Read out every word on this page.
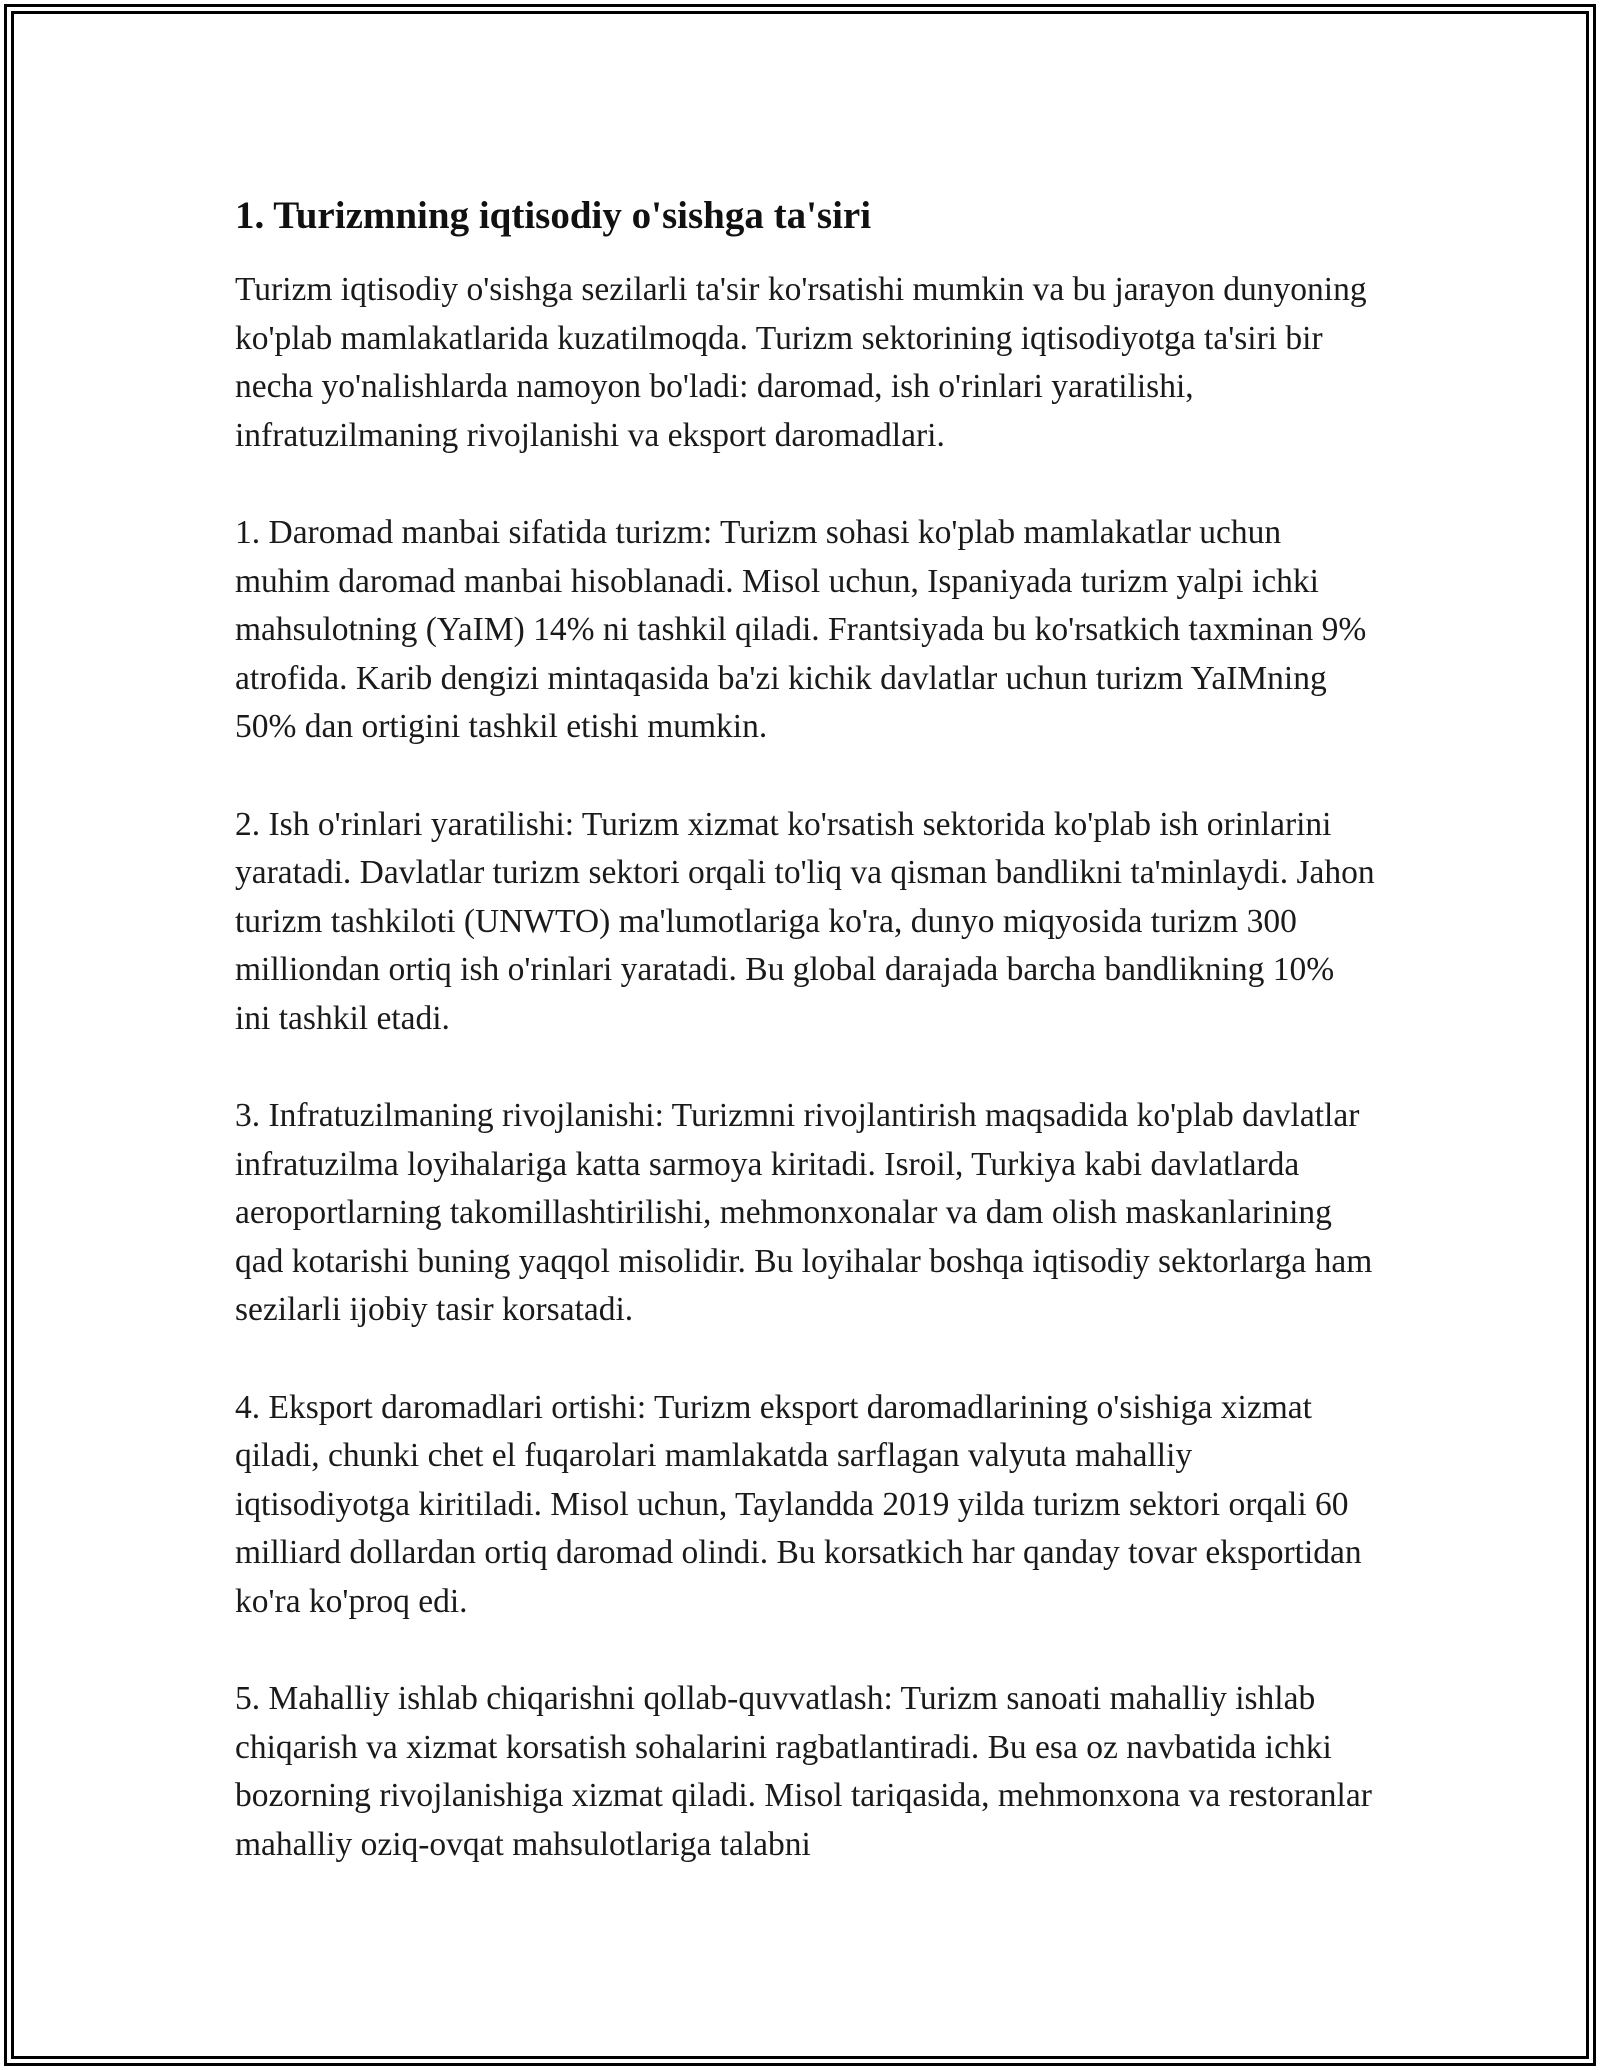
1. Turizmning iqtisodiy o'sishga ta'siri

Turizm iqtisodiy o'sishga sezilarli ta'sir ko'rsatishi mumkin va bu jarayon dunyoning ko'plab mamlakatlarida kuzatilmoqda. Turizm sektorining iqtisodiyotga ta'siri bir necha yo'nalishlarda namoyon bo'ladi: daromad, ish o'rinlari yaratilishi, infratuzilmaning rivojlanishi va eksport daromadlari.

1. Daromad manbai sifatida turizm: Turizm sohasi ko'plab mamlakatlar uchun muhim daromad manbai hisoblanadi. Misol uchun, Ispaniyada turizm yalpi ichki mahsulotning (YaIM) 14% ni tashkil qiladi. Frantsiyada bu ko'rsatkich taxminan 9% atrofida. Karib dengizi mintaqasida ba'zi kichik davlatlar uchun turizm YaIMning 50% dan ortigini tashkil etishi mumkin.

2. Ish o'rinlari yaratilishi: Turizm xizmat ko'rsatish sektorida ko'plab ish orinlarini yaratadi. Davlatlar turizm sektori orqali to'liq va qisman bandlikni ta'minlaydi. Jahon turizm tashkiloti (UNWTO) ma'lumotlariga ko'ra, dunyo miqyosida turizm 300 milliondan ortiq ish o'rinlari yaratadi. Bu global darajada barcha bandlikning 10% ini tashkil etadi.

3. Infratuzilmaning rivojlanishi: Turizmni rivojlantirish maqsadida ko'plab davlatlar infratuzilma loyihalariga katta sarmoya kiritadi. Isroil, Turkiya kabi davlatlarda aeroportlarning takomillashtirilishi, mehmonxonalar va dam olish maskanlarining qad kotarishi buning yaqqol misolidir. Bu loyihalar boshqa iqtisodiy sektorlarga ham sezilarli ijobiy tasir korsatadi.

4. Eksport daromadlari ortishi: Turizm eksport daromadlarining o'sishiga xizmat qiladi, chunki chet el fuqarolari mamlakatda sarflagan valyuta mahalliy iqtisodiyotga kiritiladi. Misol uchun, Taylandda 2019 yilda turizm sektori orqali 60 milliard dollardan ortiq daromad olindi. Bu korsatkich har qanday tovar eksportidan ko'ra ko'proq edi.

5. Mahalliy ishlab chiqarishni qollab-quvvatlash: Turizm sanoati mahalliy ishlab chiqarish va xizmat korsatish sohalarini ragbatlantiradi. Bu esa oz navbatida ichki bozorning rivojlanishiga xizmat qiladi. Misol tariqasida, mehmonxona va restoranlar mahalliy oziq-ovqat mahsulotlariga talabni
